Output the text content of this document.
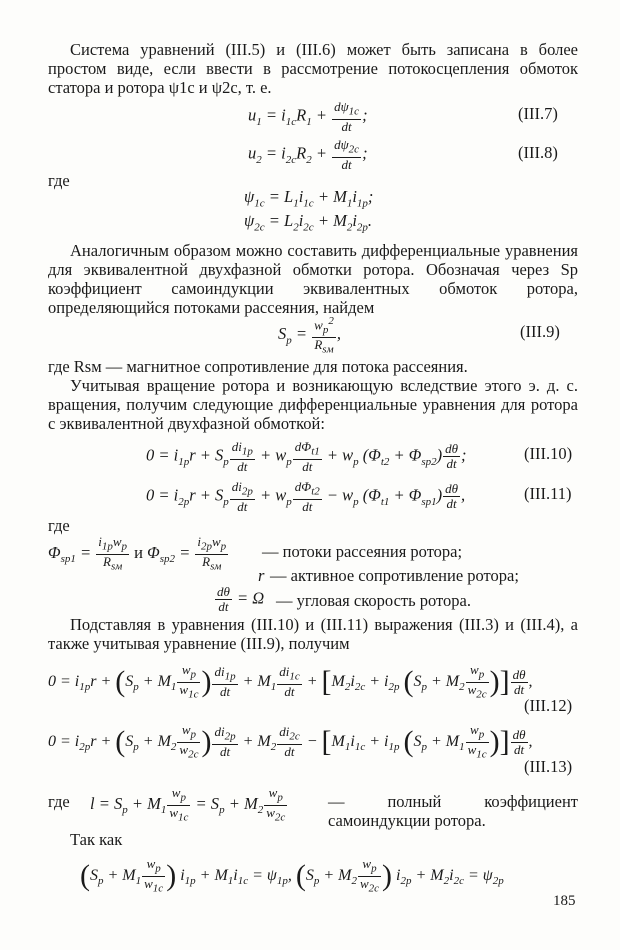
Система уравнений (III.5) и (III.6) может быть записана в более простом виде, если ввести в рассмотрение потокосцепления обмоток статора и ротора ψ1с и ψ2с, т. е.
$u_1 = i_{1с}R_1 + \frac{d\psi_{1с}}{dt}$ ;	(III.7)
$u_2 = i_{2с}R_2 + \frac{d\psi_{2с}}{dt}$ ;	(III.8)
где
$\psi_{1с} = L_1i_{1с} + M_1i_{1р}$;
$\psi_{2с} = L_2i_{2с} + M_2i_{2р}$.
Аналогичным образом можно составить дифференциальные уравнения для эквивалентной двухфазной обмотки ротора. Обозначая через Sр коэффициент самоиндукции эквивалентных обмоток ротора, определяющийся потоками рассеяния, найдем
$S_р = \frac{w_р^2}{R_{sм}}$ ,	(III.9)
где Rsм — магнитное сопротивление для потока рассеяния.
Учитывая вращение ротора и возникающую вследствие этого э. д. с. вращения, получим следующие дифференциальные уравнения для ротора с эквивалентной двухфазной обмоткой:
$0 = i_{1р}r + S_р \frac{di_{1р}}{dt} + w_р \frac{d\Phi_{t1}}{dt} + w_р$ $(\Phi_{t2} + \Phi_{sp2}) \frac{d\theta}{dt}$ ;	(III.10)
$0 = i_{2р}r + S_р \frac{di_{2р}}{dt} + w_р \frac{d\Phi_{t2}}{dt} - w_р$ $(\Phi_{t1} + \Phi_{sp1}) \frac{d\theta}{dt}$ ,	(III.11)
где
$\Phi_{sp1} = \frac{i_{1р}w_р}{R_{sм}}$ и $\Phi_{sp2} = \frac{i_{2р}w_р}{R_{sм}}$ — потоки рассеяния ротора;
r — активное сопротивление ротора;
$\frac{d\theta}{dt} = \Omega$ — угловая скорость ротора.
Подставляя в уравнения (III.10) и (III.11) выражения (III.3) и (III.4), а также учитывая уравнение (III.9), получим
$0 = i_{1р}r + (S_р + M_1 \frac{w_р}{w_{1с}}$ ) $\frac{di_{1р}}{dt} + M_1 \frac{di_{1с}}{dt} + [M_2i_{2с} + i_{2р}$ ($S_р + M_2 \frac{w_р}{w_{2с}}$ )] $\frac{d\theta}{dt}$ ,
(III.12)
$0 = i_{2р}r + (S_р + M_2 \frac{w_р}{w_{2с}}$ ) $\frac{di_{2р}}{dt} + M_2 \frac{di_{2с}}{dt} - [M_1i_{1с} + i_{1р}$ ($S_р + M_1 \frac{w_р}{w_{1с}}$ )] $\frac{d\theta}{dt}$ ,
(III.13)
где $l = S_р + M_1 \frac{w_р}{w_{1с}} = S_р + M_2 \frac{w_р}{w_{2с}}$ — полный коэффициент самоиндукции ротора.
Так как
($S_р + M_1 \frac{w_р}{w_{1с}}$ ) $i_{1р} + M_1i_{1с} = \psi_{1р}$, ($S_р + M_2 \frac{w_р}{w_{2с}}$ ) $i_{2р} + M_2i_{2с} = \psi_{2р}$
185
